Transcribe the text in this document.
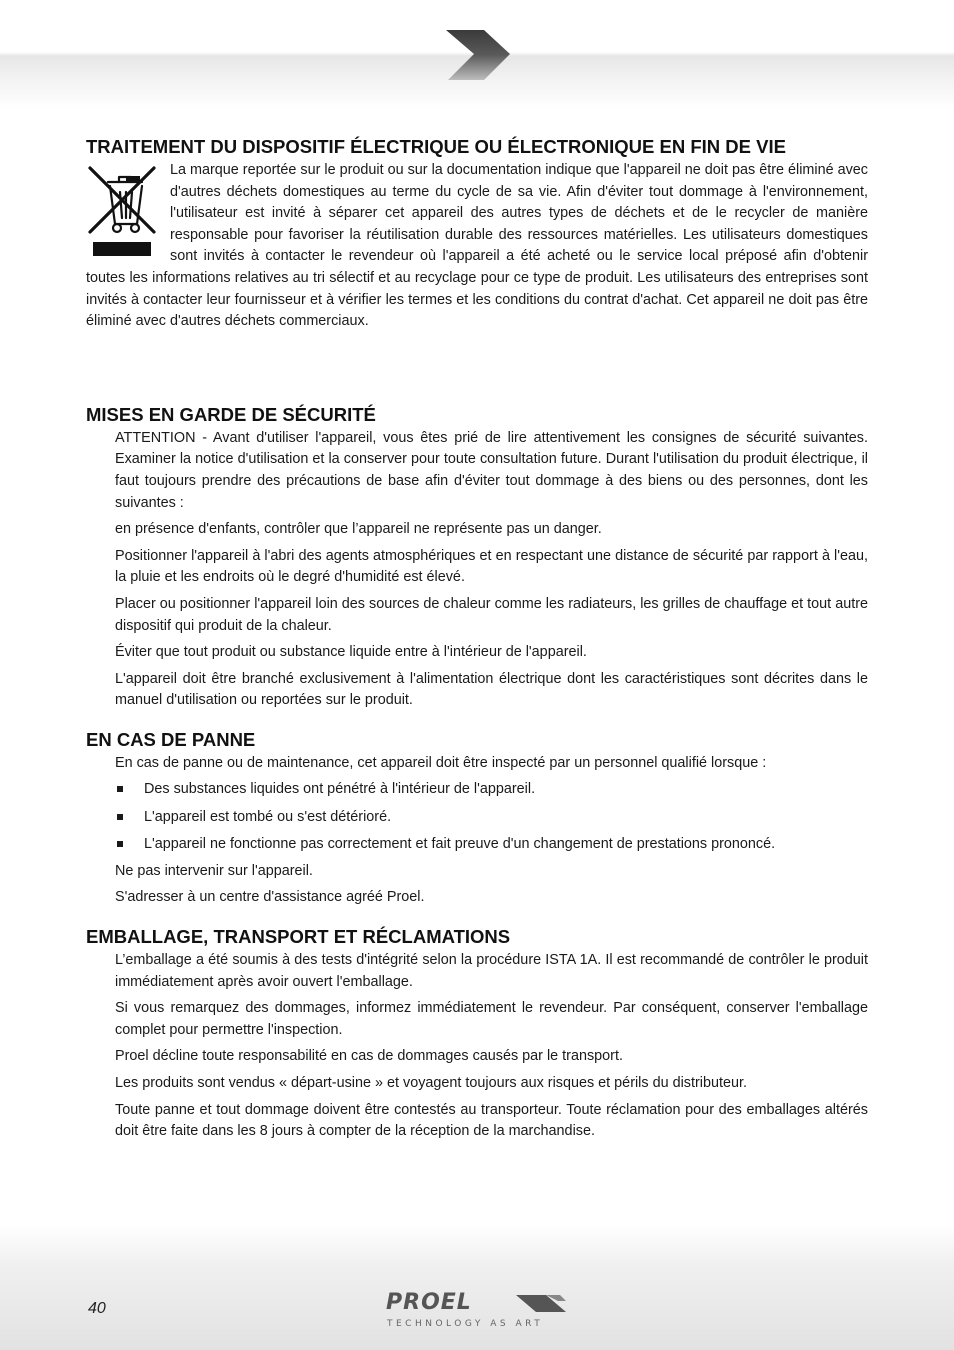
TRAITEMENT DU DISPOSITIF ÉLECTRIQUE OU ÉLECTRONIQUE EN FIN DE VIE

La marque reportée sur le produit ou sur la documentation indique que l'appareil ne doit pas être éliminé avec d'autres déchets domestiques au terme du cycle de sa vie. Afin d'éviter tout dommage à l'environnement, l'utilisateur est invité à séparer cet appareil des autres types de déchets et de le recycler de manière responsable pour favoriser la réutilisation durable des ressources matérielles. Les utilisateurs domestiques sont invités à contacter le revendeur où l'appareil a été acheté ou le service local préposé afin d'obtenir toutes les informations relatives au tri sélectif et au recyclage pour ce type de produit. Les utilisateurs des entreprises sont invités à contacter leur fournisseur et à vérifier les termes et les conditions du contrat d'achat. Cet appareil ne doit pas être éliminé avec d'autres déchets commerciaux.

MISES EN GARDE DE SÉCURITÉ

ATTENTION - Avant d'utiliser l'appareil, vous êtes prié de lire attentivement les consignes de sécurité suivantes. Examiner la notice d'utilisation et la conserver pour toute consultation future. Durant l'utilisation du produit électrique, il faut toujours prendre des précautions de base afin d'éviter tout dommage à des biens ou des personnes, dont les suivantes :

en présence d'enfants, contrôler que l’appareil ne représente pas un danger.

Positionner l'appareil à l'abri des agents atmosphériques et en respectant une distance de sécurité par rapport à l'eau, la pluie et les endroits où le degré d'humidité est élevé.

Placer ou positionner l'appareil loin des sources de chaleur comme les radiateurs, les grilles de chauffage et tout autre dispositif qui produit de la chaleur.

Éviter que tout produit ou substance liquide entre à l'intérieur de l'appareil.

L'appareil doit être branché exclusivement à l'alimentation électrique dont les caractéristiques sont décrites dans le manuel d'utilisation ou reportées sur le produit.

EN CAS DE PANNE

En cas de panne ou de maintenance, cet appareil doit être inspecté par un personnel qualifié lorsque :

Des substances liquides ont pénétré à l'intérieur de l'appareil.
L'appareil est tombé ou s'est détérioré.
L'appareil ne fonctionne pas correctement et fait preuve d'un changement de prestations prononcé.

Ne pas intervenir sur l'appareil.

S'adresser à un centre d'assistance agréé Proel.

EMBALLAGE, TRANSPORT ET RÉCLAMATIONS

L’emballage a été soumis à des tests d'intégrité selon la procédure ISTA 1A. Il est recommandé de contrôler le produit immédiatement après avoir ouvert l'emballage.

Si vous remarquez des dommages, informez immédiatement le revendeur. Par conséquent, conserver l'emballage complet pour permettre l'inspection.

Proel décline toute responsabilité en cas de dommages causés par le transport.

Les produits sont vendus « départ-usine » et voyagent toujours aux risques et périls du distributeur.

Toute panne et tout dommage doivent être contestés au transporteur. Toute réclamation pour des emballages altérés doit être faite dans les 8 jours à compter de la réception de la marchandise.

40	PROEL
TECHNOLOGY AS ART
